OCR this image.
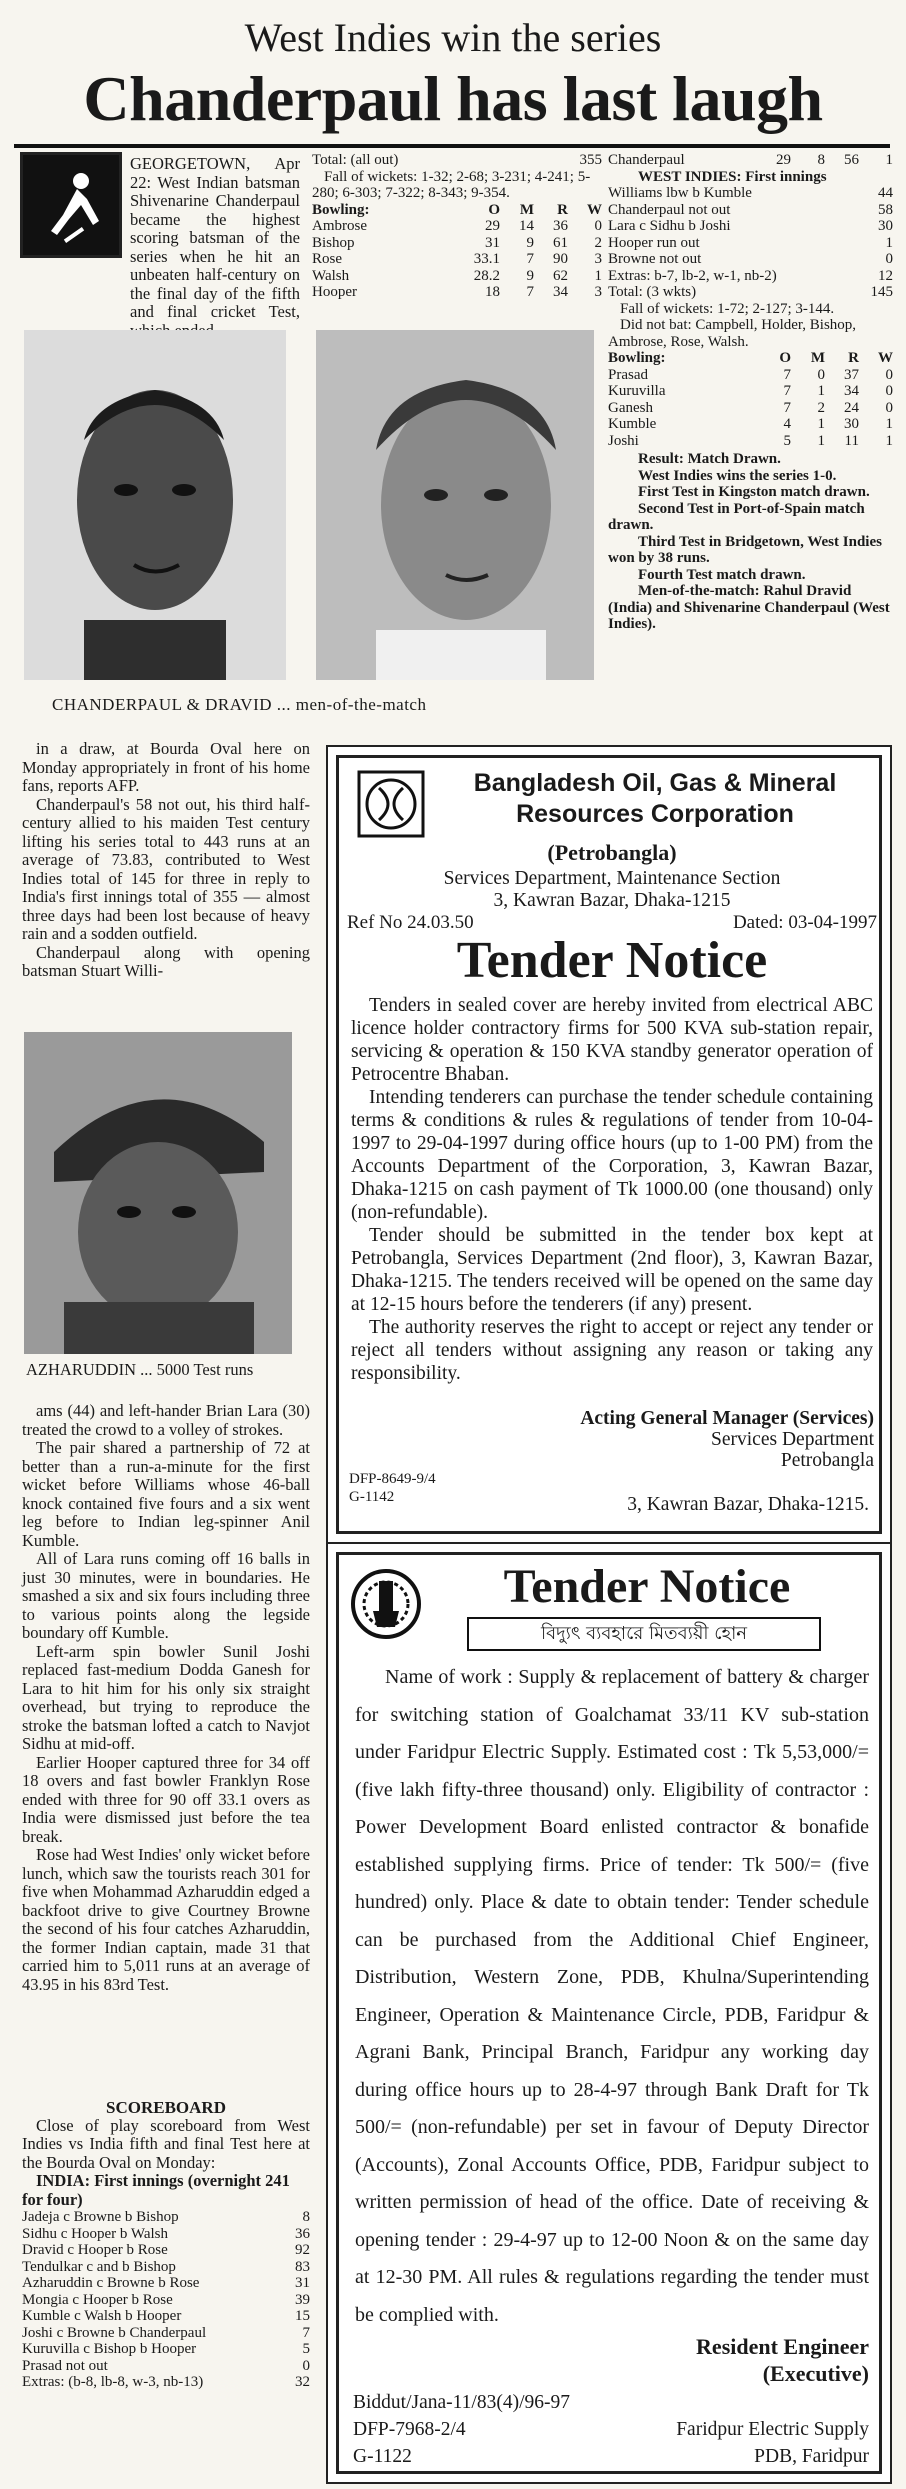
West Indies win the series
Chanderpaul has last laugh
GEORGETOWN, Apr 22: West Indian batsman Shivenarine Chanderpaul became the highest scoring batsman of the series when he hit an unbeaten half-century on the final day of the fifth and final cricket Test,
CHANDERPAUL & DRAVID ... men-of-the-match
Total: (all out)	355
Fall of wickets: 1-32; 2-68; 3-231; 4-241; 5-280; 6-303; 7-322; 8-343; 9-354.
Bowling:	O	M	R	W
Ambrose	29	14	36	0
Bishop	31	9	61	2
Rose	33.1	7	90	3
Walsh	28.2	9	62	1
Hooper	18	7	34	3
Chanderpaul	29	8	56	1
WEST INDIES: First innings
Williams lbw b Kumble	44
Chanderpaul not out	58
Lara c Sidhu b Joshi	30
Hooper run out	1
Browne not out	0
Extras: b-7, lb-2, w-1, nb-2)	12
Total: (3 wkts)	145
Fall of wickets: 1-72; 2-127; 3-144.
Did not bat: Campbell, Holder, Bishop, Ambrose, Rose, Walsh.
Bowling:	O	M	R	W
Prasad	7	0	37	0
Kuruvilla	7	1	34	0
Ganesh	7	2	24	0
Kumble	4	1	30	1
Joshi	5	1	11	1
Result: Match Drawn.
West Indies wins the series 1-0.
First Test in Kingston match drawn.
Second Test in Port-of-Spain match drawn.
Third Test in Bridgetown, West Indies won by 38 runs.
Fourth Test match drawn.
Men-of-the-match: Rahul Dravid (India) and Shivenarine Chanderpaul (West Indies).

in a draw, at Bourda Oval here on Monday appropriately in front of his home fans, reports AFP.

Chanderpaul's 58 not out, his third half-century allied to his maiden Test century lifting his series total to 443 runs at an average of 73.83, contributed to West Indies total of 145 for three in reply to India's first innings total of 355 — almost three days had been lost because of heavy rain and a sodden outfield.

Chanderpaul along with opening batsman Stuart Willi-

AZHARUDDIN ... 5000 Test runs

ams (44) and left-hander Brian Lara (30) treated the crowd to a volley of strokes.

The pair shared a partnership of 72 at better than a run-a-minute for the first wicket before Williams whose 46-ball knock contained five fours and a six went leg before to Indian leg-spinner Anil Kumble.

All of Lara runs coming off 16 balls in just 30 minutes, were in boundaries. He smashed a six and six fours including three to various points along the legside boundary off Kumble.

Left-arm spin bowler Sunil Joshi replaced fast-medium Dodda Ganesh for Lara to hit him for his only six straight overhead, but trying to reproduce the stroke the batsman lofted a catch to Navjot Sidhu at mid-off.

Earlier Hooper captured three for 34 off 18 overs and fast bowler Franklyn Rose ended with three for 90 off 33.1 overs as India were dismissed just before the tea break.

Rose had West Indies' only wicket before lunch, which saw the tourists reach 301 for five when Mohammad Azharuddin edged a backfoot drive to give Courtney Browne the second of his four catches Azharuddin, the former Indian captain, made 31 that carried him to 5,011 runs at an average of 43.95 in his 83rd Test.

SCOREBOARD
Close of play scoreboard from West Indies vs India fifth and final Test here at the Bourda Oval on Monday:
INDIA: First innings (overnight 241 for four)
Jadeja c Browne b Bishop	8
Sidhu c Hooper b Walsh	36
Dravid c Hooper b Rose	92
Tendulkar c and b Bishop	83
Azharuddin c Browne b Rose	31
Mongia c Hooper b Rose	39
Kumble c Walsh b Hooper	15
Joshi c Browne b Chanderpaul	7
Kuruvilla c Bishop b Hooper	5
Prasad not out	0
Extras: (b-8, lb-8, w-3, nb-13)	32
Bangladesh Oil, Gas & Mineral
Resources Corporation
(Petrobangla)
Services Department, Maintenance Section
3, Kawran Bazar, Dhaka-1215
Ref No 24.03.50	Dated: 03-04-1997
Tender Notice

Tenders in sealed cover are hereby invited from electrical ABC licence holder contractory firms for 500 KVA sub-station repair, servicing & operation & 150 KVA standby generator operation of Petrocentre Bhaban.

Intending tenderers can purchase the tender schedule containing terms & conditions & rules & regulations of tender from 10-04-1997 to 29-04-1997 during office hours (up to 1-00 PM) from the Accounts Department of the Corporation, 3, Kawran Bazar, Dhaka-1215 on cash payment of Tk 1000.00 (one thousand) only (non-refundable).

Tender should be submitted in the tender box kept at Petrobangla, Services Department (2nd floor), 3, Kawran Bazar, Dhaka-1215. The tenders received will be opened on the same day at 12-15 hours before the tenderers (if any) present.

The authority reserves the right to accept or reject any tender or reject all tenders without assigning any reason or taking any responsibility.

Acting General Manager (Services)
Services Department
Petrobangla
DFP-8649-9/4
G-1142	3, Kawran Bazar, Dhaka-1215.
Tender Notice
বিদ্যুৎ ব্যবহারে মিতব্যয়ী হোন
Name of work : Supply & replacement of battery & charger for switching station of Goalchamat 33/11 KV sub-station under Faridpur Electric Supply. Estimated cost : Tk 5,53,000/= (five lakh fifty-three thousand) only. Eligibility of contractor : Power Development Board enlisted contractor & bonafide established supplying firms. Price of tender: Tk 500/= (five hundred) only. Place & date to obtain tender: Tender schedule can be purchased from the Additional Chief Engineer, Distribution, Western Zone, PDB, Khulna/Superintending Engineer, Operation & Maintenance Circle, PDB, Faridpur & Agrani Bank, Principal Branch, Faridpur any working day during office hours up to 28-4-97 through Bank Draft for Tk 500/= (non-refundable) per set in favour of Deputy Director (Accounts), Zonal Accounts Office, PDB, Faridpur subject to written permission of head of the office. Date of receiving & opening tender : 29-4-97 up to 12-00 Noon & on the same day at 12-30 PM. All rules & regulations regarding the tender must be complied with.
Resident Engineer
(Executive)
Biddut/Jana-11/83(4)/96-97
DFP-7968-2/4
G-1122
Faridpur Electric Supply
PDB, Faridpur
